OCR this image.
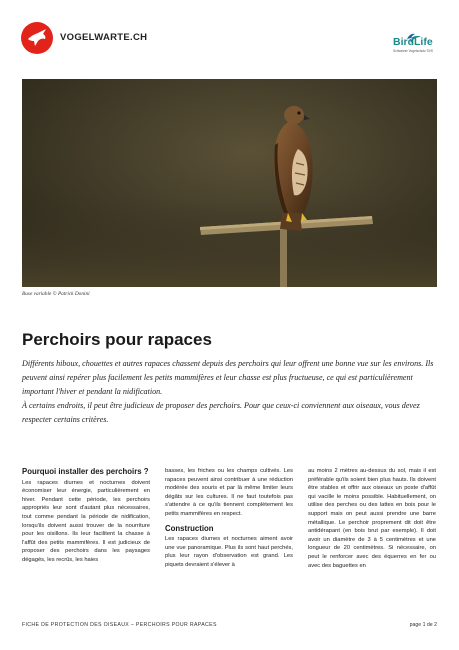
VOGELWARTE.CH	BirdLife
Schweizer Vogelschutz SVS
Buse variable © Patrick Donini
Perchoirs pour rapaces

Différents hiboux, chouettes et autres rapaces chassent depuis des perchoirs qui leur offrent une bonne vue sur les environs. Ils peuvent ainsi repérer plus facilement les petits mammifères et leur chasse est plus fructueuse, ce qui est particulièrement important l'hiver et pendant la nidification.

À certains endroits, il peut être judicieux de proposer des perchoirs. Pour que ceux-ci conviennent aux oiseaux, vous devez respecter certains critères.

Pourquoi installer des perchoirs ?

Les rapaces diurnes et nocturnes doivent économiser leur énergie, particulièrement en hiver. Pendant cette période, les perchoirs appropriés leur sont d'autant plus nécessaires, tout comme pendant la période de nidification, lorsqu'ils doivent aussi trouver de la nourriture pour les oisillons. Ils leur facilitent la chasse à l'affût des petits mammifères. Il est judicieux de proposer des perchoirs dans les paysages dégagés, les recrûs, les haies

basses, les friches ou les champs cultivés. Les rapaces peuvent ainsi contribuer à une réduction modérée des souris et par là même limiter leurs dégâts sur les cultures. Il ne faut toutefois pas s'attendre à ce qu'ils tiennent complètement les petits mammifères en respect.

Construction

Les rapaces diurnes et nocturnes aiment avoir une vue panoramique. Plus ils sont haut perchés, plus leur rayon d'observation est grand. Les piquets devraient s'élever à

au moins 2 mètres au-dessus du sol, mais il est préférable qu'ils soient bien plus hauts. Ils doivent être stables et offrir aux oiseaux un poste d'affût qui vacille le moins possible. Habituellement, on utilise des perches ou des lattes en bois pour le support mais on peut aussi prendre une barre métallique. Le perchoir proprement dit doit être antidérapant (en bois brut par exemple). Il doit avoir un diamètre de 3 à 5 centimètres et une longueur de 20 centimètres. Si nécessaire, on peut le renforcer avec des équerres en fer ou avec des baguettes en

FICHE DE PROTECTION DES OISEAUX – PERCHOIRS POUR RAPACES	page 1 de 2
